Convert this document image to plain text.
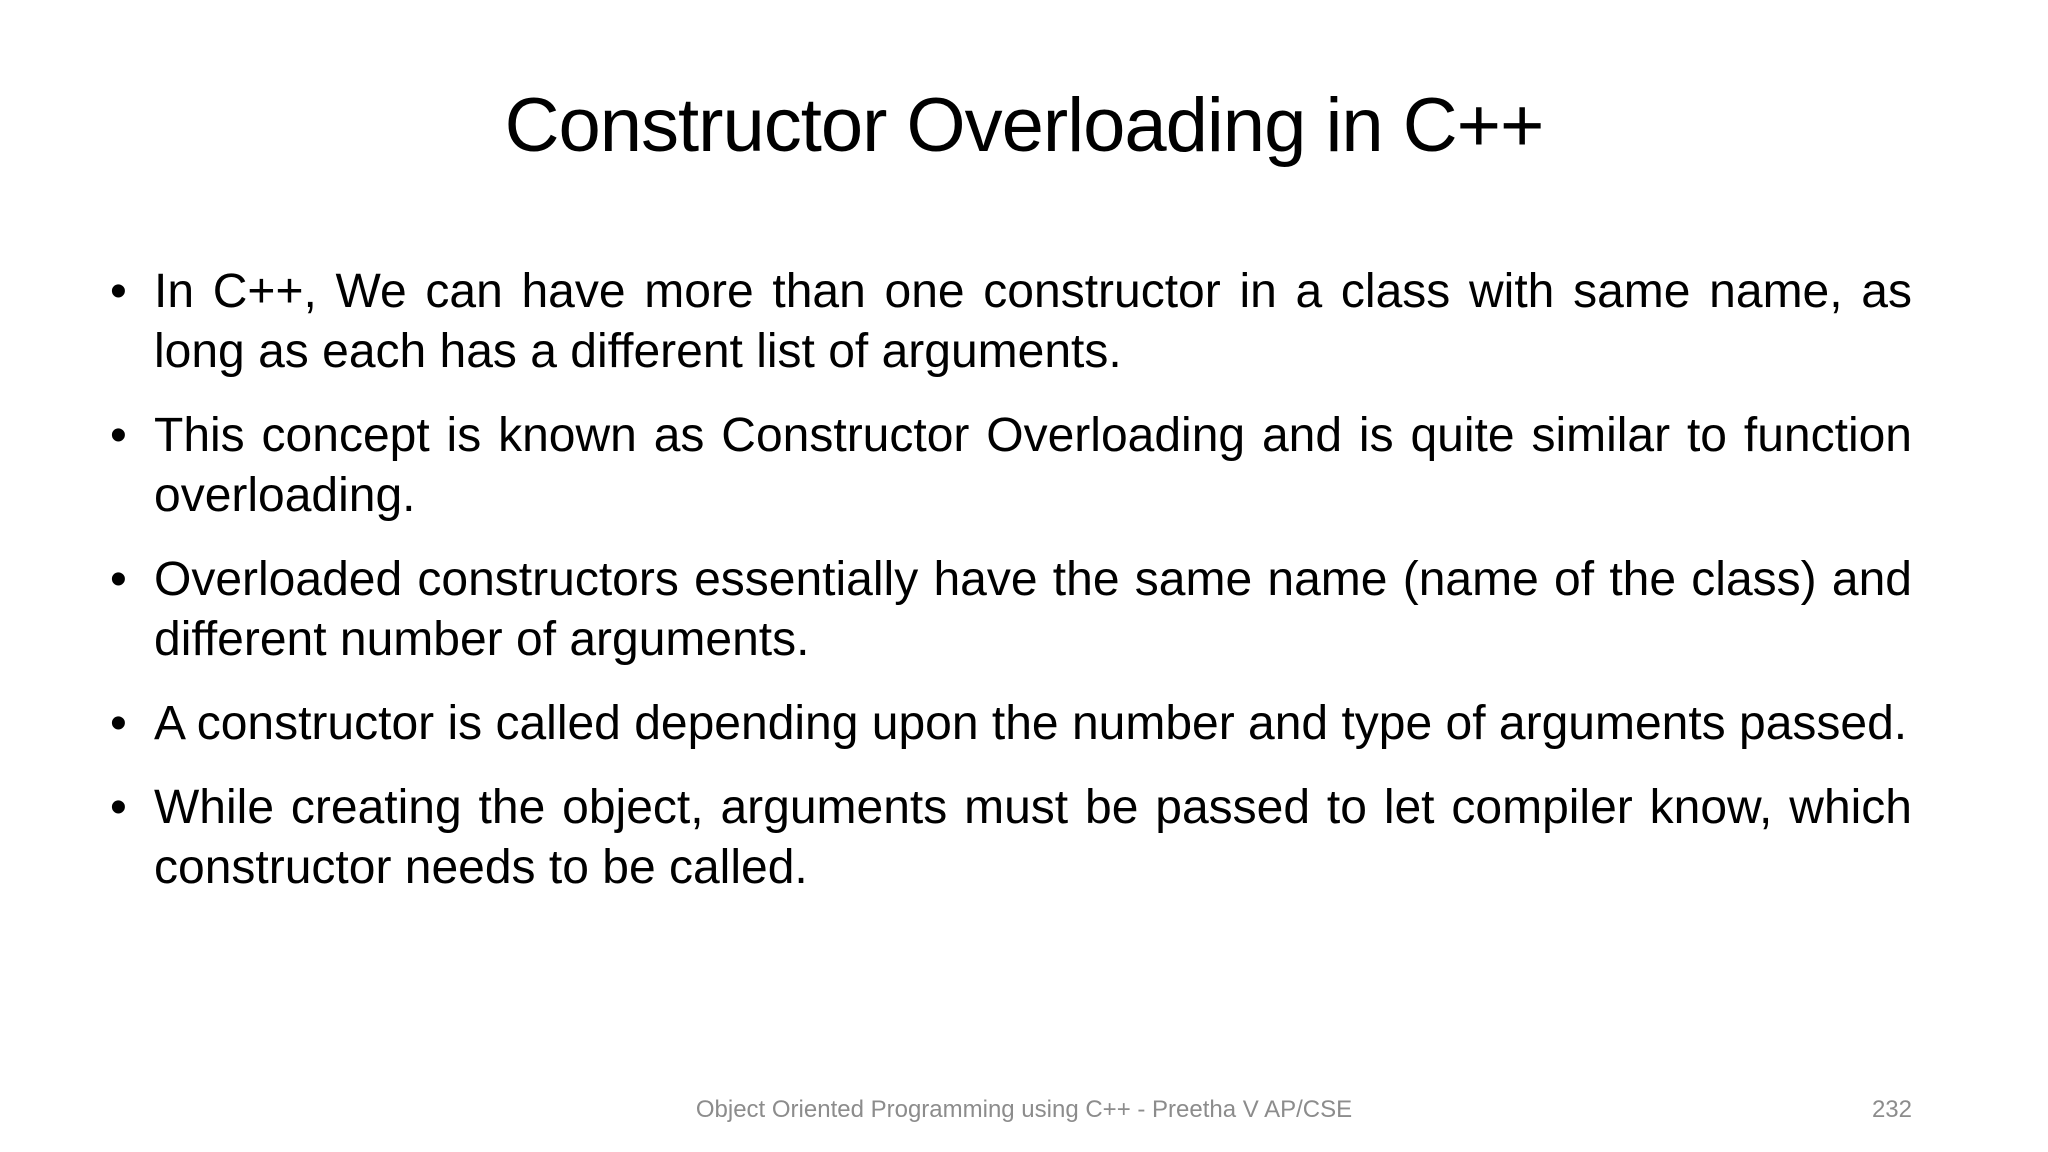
Constructor Overloading in C++
• In C++, We can have more than one constructor in a class with same name, as long as each has a different list of arguments.
• This concept is known as Constructor Overloading and is quite similar to function overloading.
• Overloaded constructors essentially have the same name (name of the class) and different number of arguments.
• A constructor is called depending upon the number and type of arguments passed.
• While creating the object, arguments must be passed to let compiler know, which constructor needs to be called.
Object Oriented Programming using C++ - Preetha V AP/CSE	232
